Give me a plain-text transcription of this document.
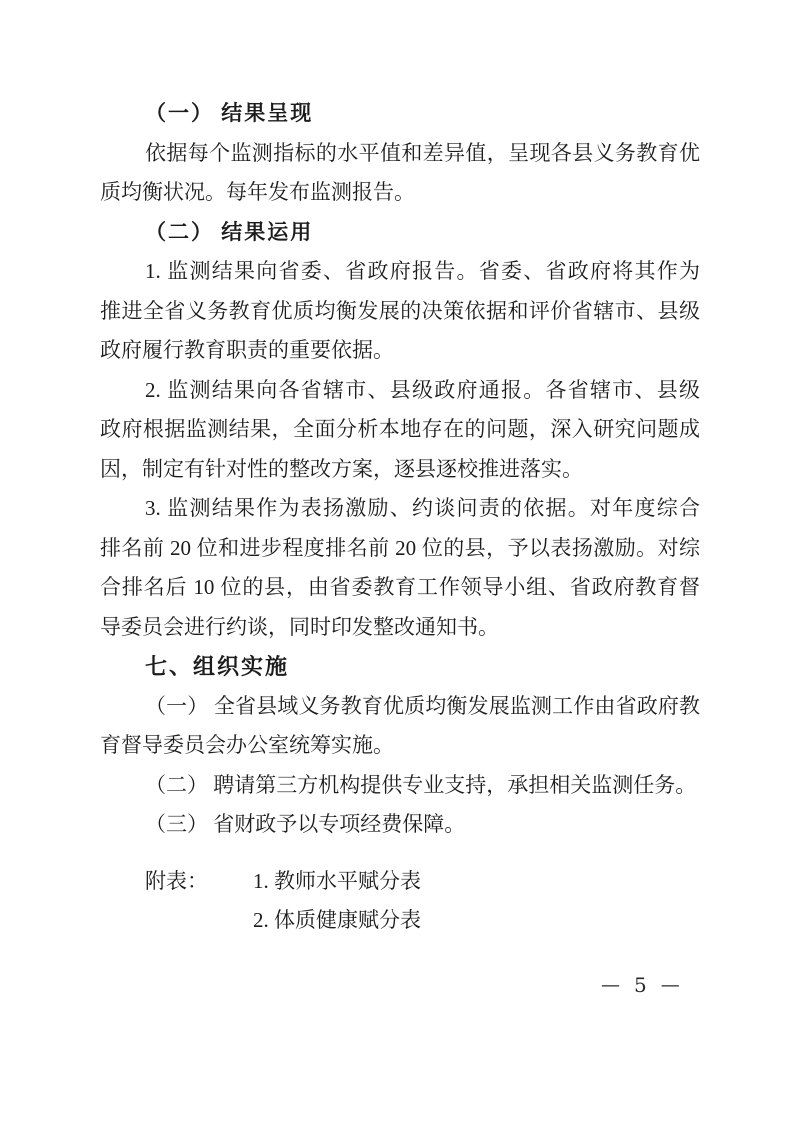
（一） 结果呈现
依据每个监测指标的水平值和差异值，呈现各县义务教育优
质均衡状况。每年发布监测报告。
（二） 结果运用
1. 监测结果向省委、省政府报告。省委、省政府将其作为
推进全省义务教育优质均衡发展的决策依据和评价省辖市、县级
政府履行教育职责的重要依据。
2. 监测结果向各省辖市、县级政府通报。各省辖市、县级
政府根据监测结果，全面分析本地存在的问题，深入研究问题成
因，制定有针对性的整改方案，逐县逐校推进落实。
3. 监测结果作为表扬激励、约谈问责的依据。对年度综合
排名前 20 位和进步程度排名前 20 位的县，予以表扬激励。对综
合排名后 10 位的县，由省委教育工作领导小组、省政府教育督
导委员会进行约谈，同时印发整改通知书。
七、组织实施
（一） 全省县域义务教育优质均衡发展监测工作由省政府教
育督导委员会办公室统筹实施。
（二） 聘请第三方机构提供专业支持，承担相关监测任务。
（三） 省财政予以专项经费保障。
附表：	1. 教师水平赋分表
2. 体质健康赋分表
— 5 —
